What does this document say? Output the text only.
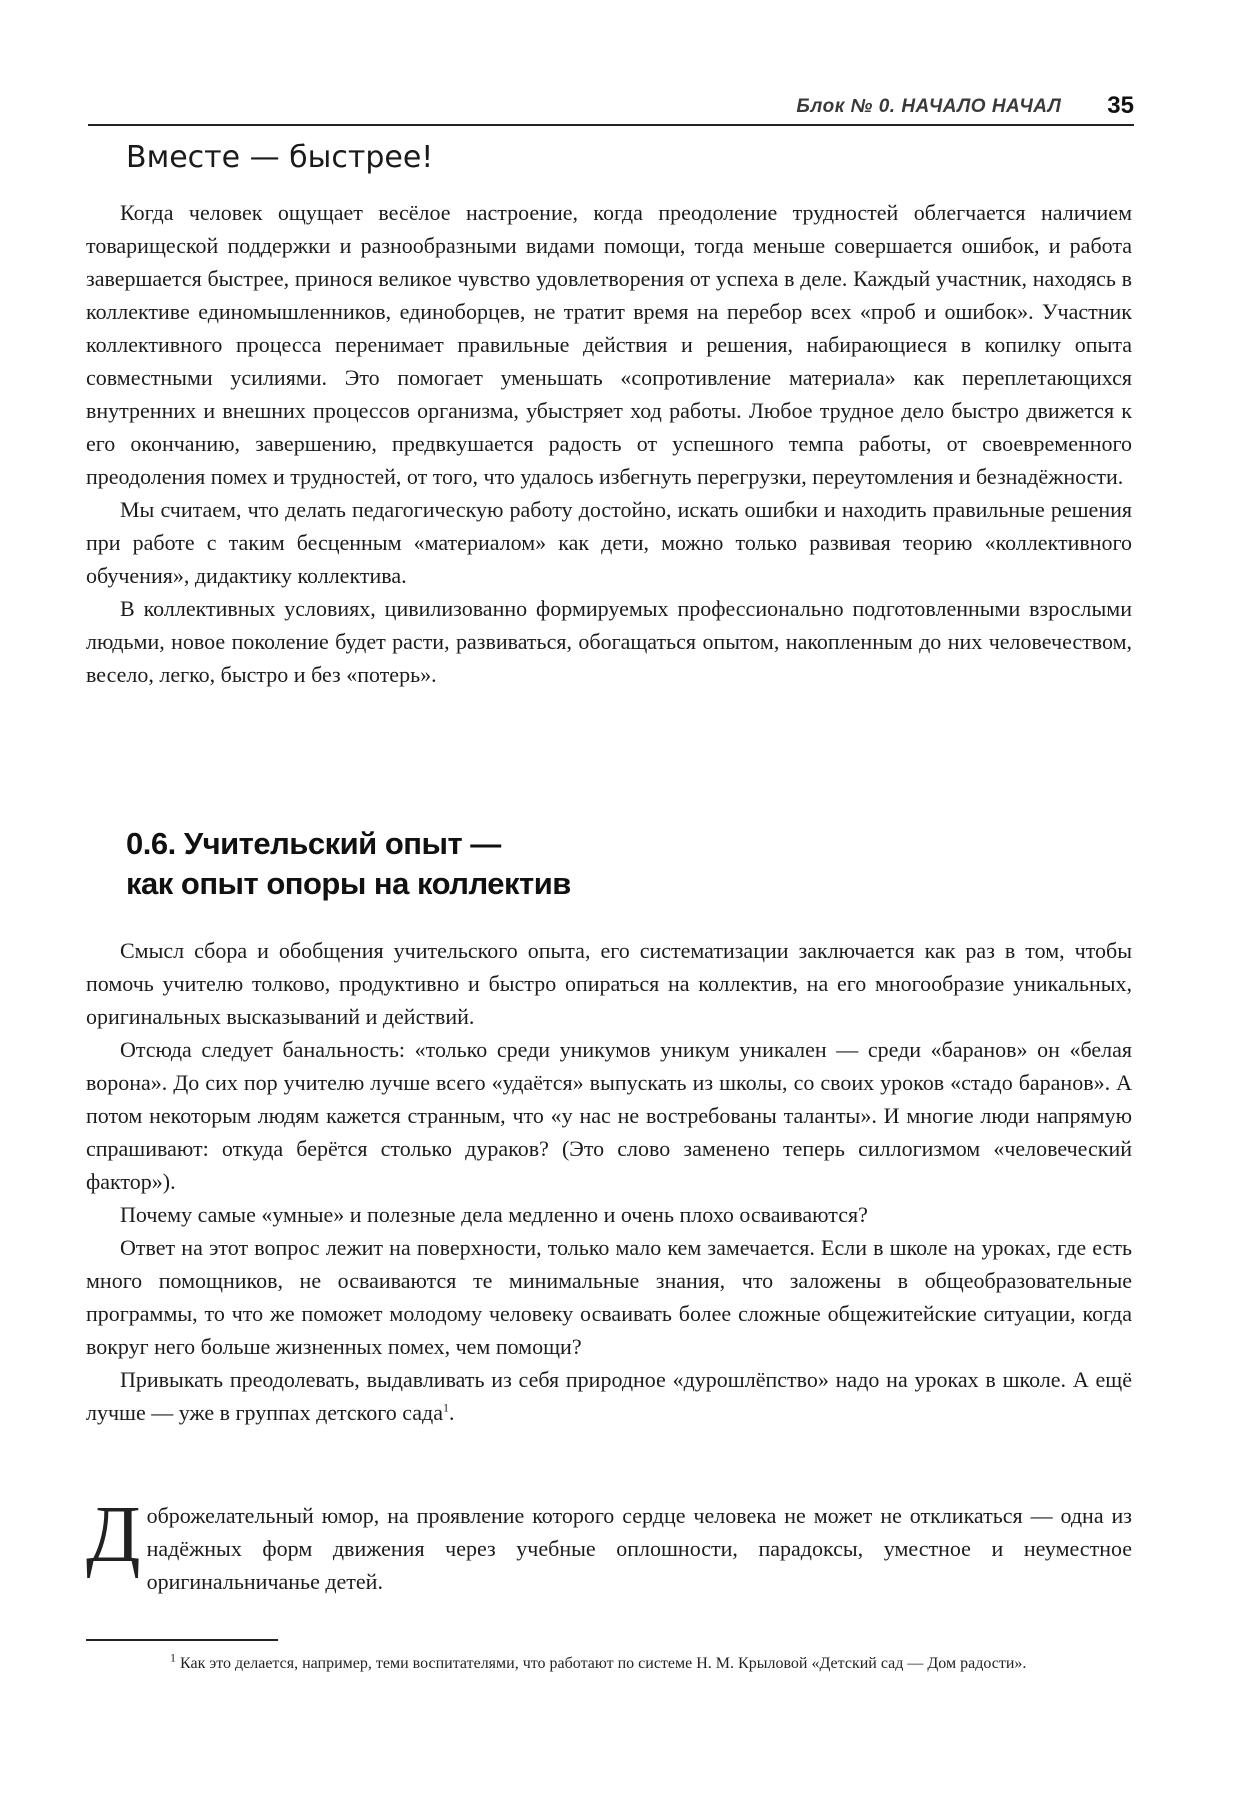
Блок № 0. НАЧАЛО НАЧАЛ 35
Вместе — быстрее!

Когда человек ощущает весёлое настроение, когда преодоление трудностей облегчается наличием товарищеской поддержки и разнообразными видами помощи, тогда меньше совершается ошибок, и работа завершается быстрее, принося великое чувство удовлетворения от успеха в деле. Каждый участник, находясь в коллективе единомышленников, единоборцев, не тратит время на перебор всех «проб и ошибок». Участник коллективного процесса перенимает правильные действия и решения, набирающиеся в копилку опыта совместными усилиями. Это помогает уменьшать «сопротивление материала» как переплетающихся внутренних и внешних процессов организма, убыстряет ход работы. Любое трудное дело быстро движется к его окончанию, завершению, предвкушается радость от успешного темпа работы, от своевременного преодоления помех и трудностей, от того, что удалось избегнуть перегрузки, переутомления и безнадёжности.

Мы считаем, что делать педагогическую работу достойно, искать ошибки и находить правильные решения при работе с таким бесценным «материалом» как дети, можно только развивая теорию «коллективного обучения», дидактику коллектива.

В коллективных условиях, цивилизованно формируемых профессионально подготовленными взрослыми людьми, новое поколение будет расти, развиваться, обогащаться опытом, накопленным до них человечеством, весело, легко, быстро и без «потерь».

0.6. Учительский опыт —
как опыт опоры на коллектив

Смысл сбора и обобщения учительского опыта, его систематизации заключается как раз в том, чтобы помочь учителю толково, продуктивно и быстро опираться на коллектив, на его многообразие уникальных, оригинальных высказываний и действий.

Отсюда следует банальность: «только среди уникумов уникум уникален — среди «баранов» он «белая ворона». До сих пор учителю лучше всего «удаётся» выпускать из школы, со своих уроков «стадо баранов». А потом некоторым людям кажется странным, что «у нас не востребованы таланты». И многие люди напрямую спрашивают: откуда берётся столько дураков? (Это слово заменено теперь силлогизмом «человеческий фактор»).

Почему самые «умные» и полезные дела медленно и очень плохо осваиваются?

Ответ на этот вопрос лежит на поверхности, только мало кем замечается. Если в школе на уроках, где есть много помощников, не осваиваются те минимальные знания, что заложены в общеобразовательные программы, то что же поможет молодому человеку осваивать более сложные общежитейские ситуации, когда вокруг него больше жизненных помех, чем помощи?

Привыкать преодолевать, выдавливать из себя природное «дурошлёпство» надо на уроках в школе. А ещё лучше — уже в группах детского сада$^1$.

Доброжелательный юмор, на проявление которого сердце человека не может не откликаться — одна из надёжных форм движения через учебные оплошности, парадоксы, уместное и неуместное оригинальничанье детей.

$^1$ Как это делается, например, теми воспитателями, что работают по системе Н. М. Крыловой «Детский сад — Дом радости».
